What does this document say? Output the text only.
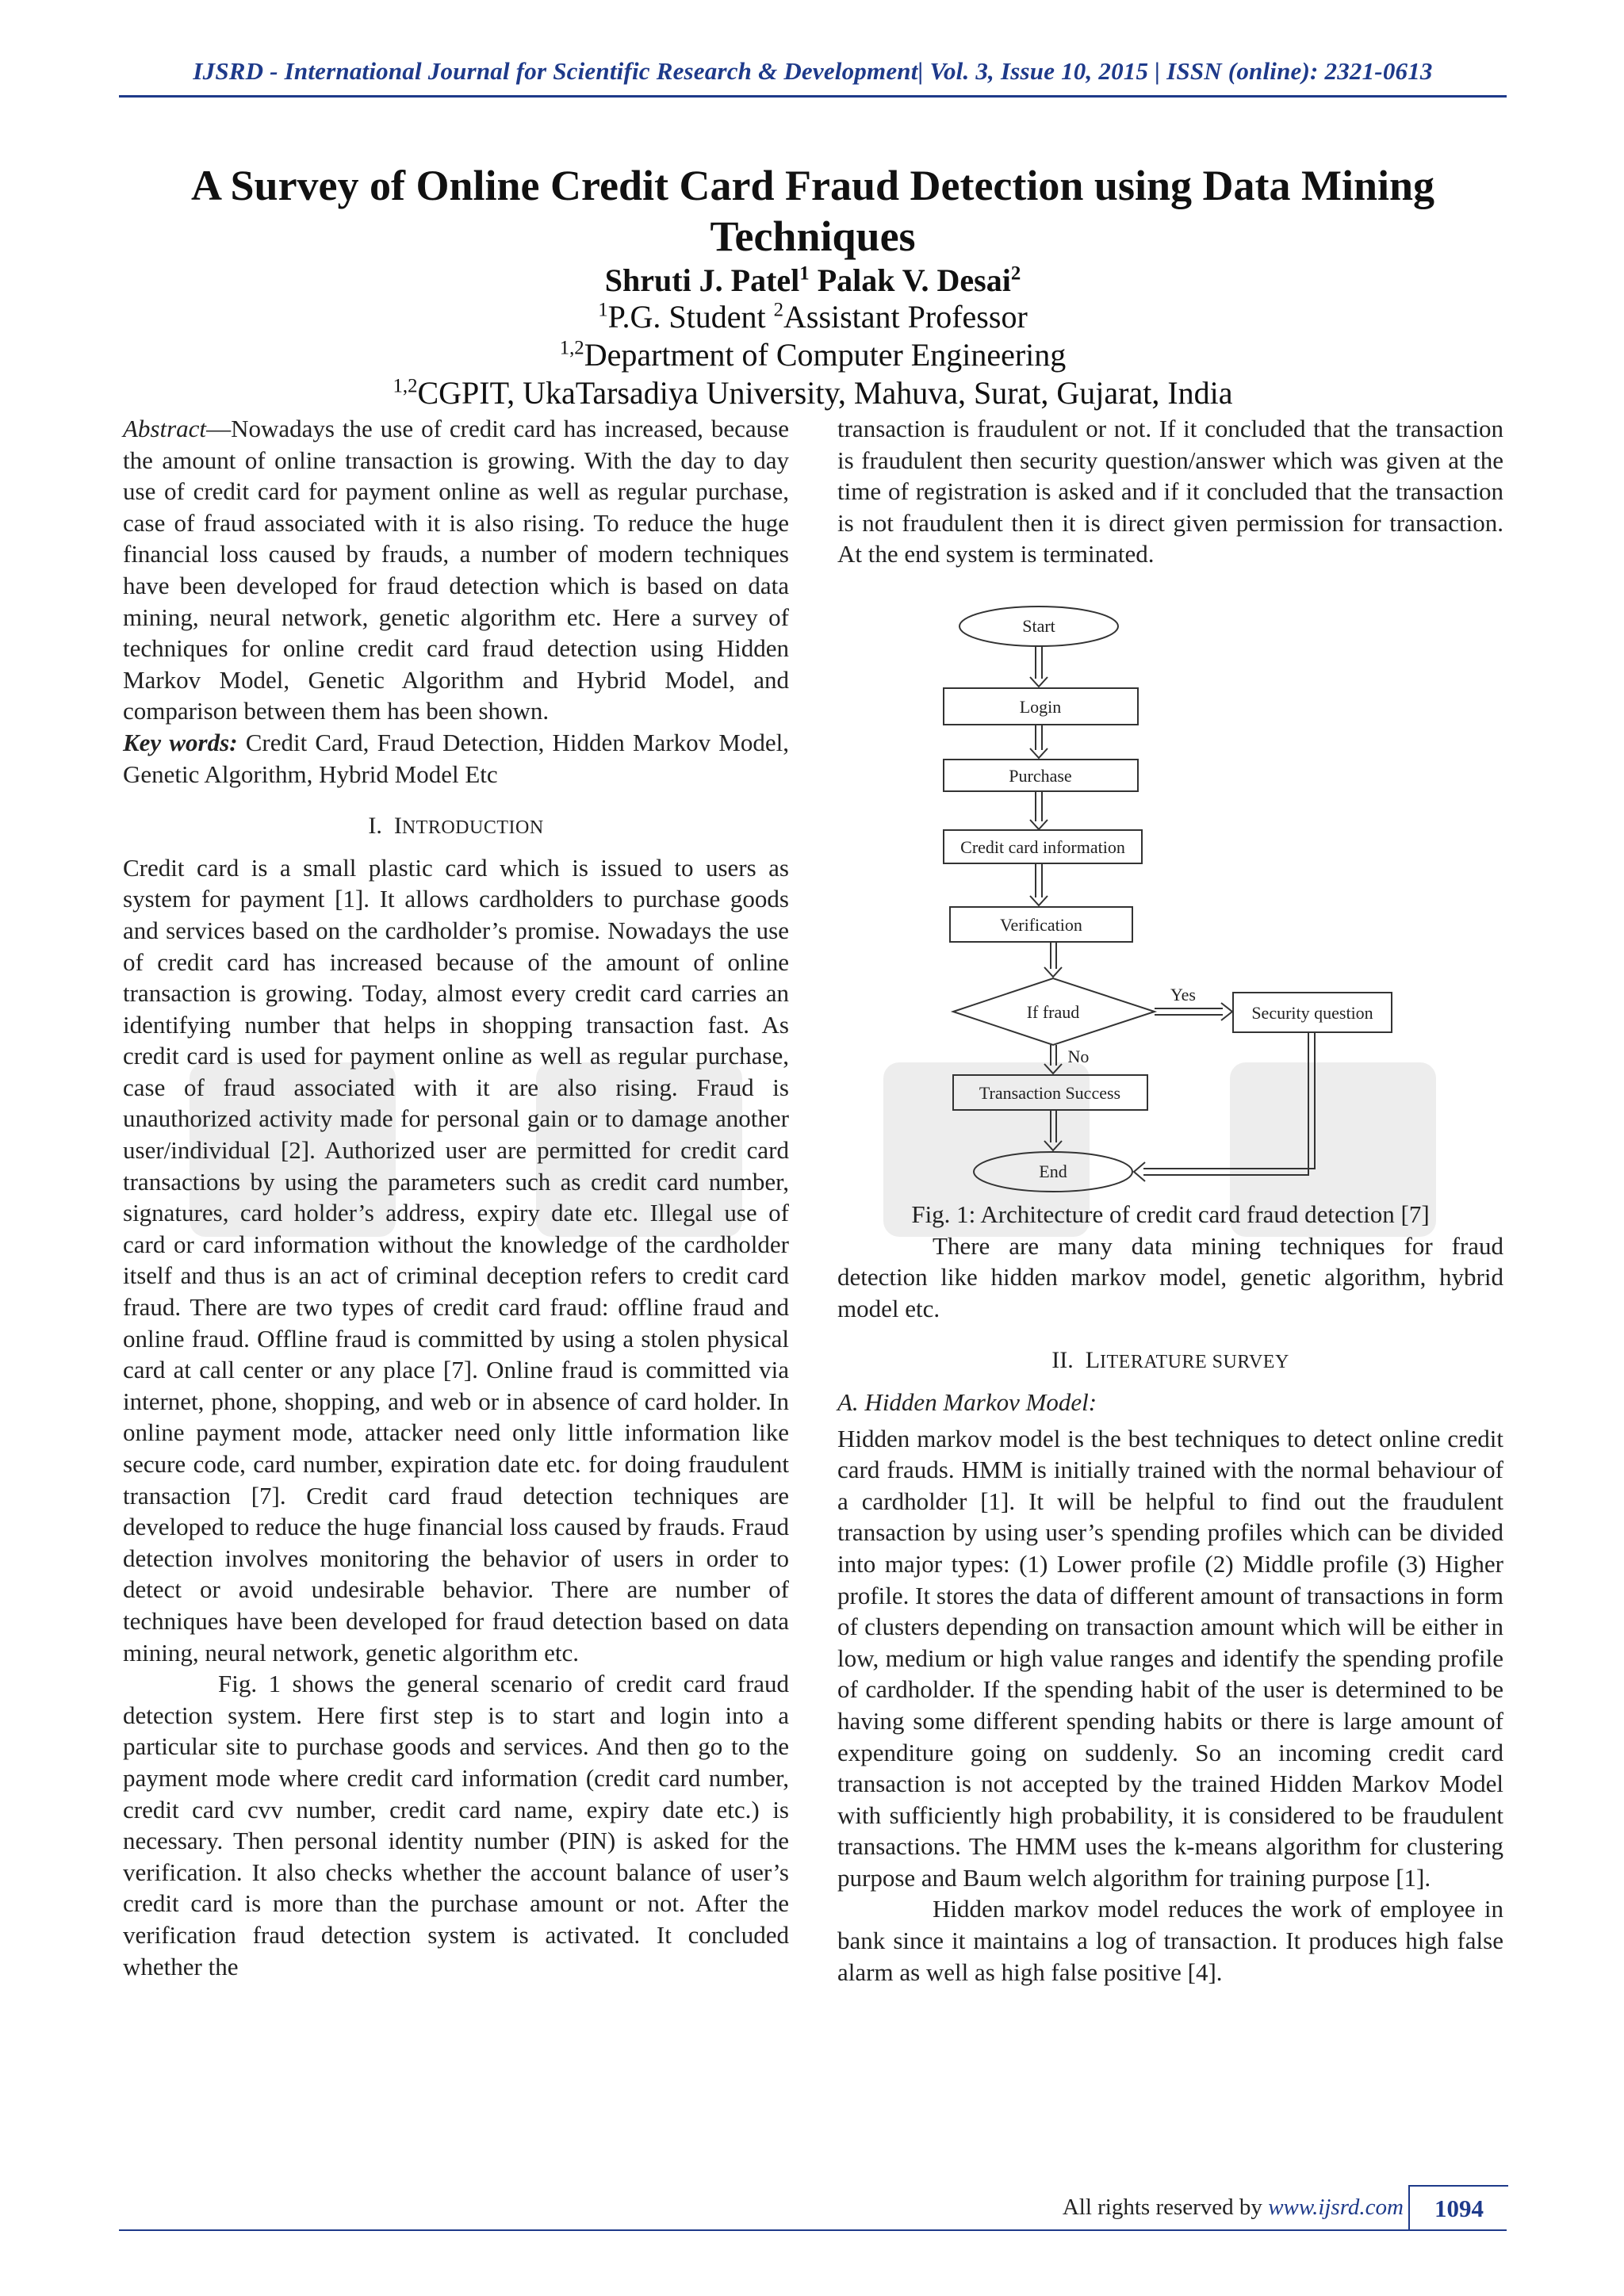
IJSRD - International Journal for Scientific Research & Development| Vol. 3, Issue 10, 2015 | ISSN (online): 2321-0613
A Survey of Online Credit Card Fraud Detection using Data Mining Techniques
Shruti J. Patel$^1$ Palak V. Desai$^2$
$^1$P.G. Student $^2$Assistant Professor
$^{1,2}$Department of Computer Engineering
$^{1,2}$CGPIT, UkaTarsadiya University, Mahuva, Surat, Gujarat, India

Abstract—Nowadays the use of credit card has increased, because the amount of online transaction is growing. With the day to day use of credit card for payment online as well as regular purchase, case of fraud associated with it is also rising. To reduce the huge financial loss caused by frauds, a number of modern techniques have been developed for fraud detection which is based on data mining, neural network, genetic algorithm etc. Here a survey of techniques for online credit card fraud detection using Hidden Markov Model, Genetic Algorithm and Hybrid Model, and comparison between them has been shown.

Key words: Credit Card, Fraud Detection, Hidden Markov Model, Genetic Algorithm, Hybrid Model Etc

I. INTRODUCTION

Credit card is a small plastic card which is issued to users as system for payment [1]. It allows cardholders to purchase goods and services based on the cardholder’s promise. Nowadays the use of credit card has increased because of the amount of online transaction is growing. Today, almost every credit card carries an identifying number that helps in shopping transaction fast. As credit card is used for payment online as well as regular purchase, case of fraud associated with it are also rising. Fraud is unauthorized activity made for personal gain or to damage another user/individual [2]. Authorized user are permitted for credit card transactions by using the parameters such as credit card number, signatures, card holder’s address, expiry date etc. Illegal use of card or card information without the knowledge of the cardholder itself and thus is an act of criminal deception refers to credit card fraud. There are two types of credit card fraud: offline fraud and online fraud. Offline fraud is committed by using a stolen physical card at call center or any place [7]. Online fraud is committed via internet, phone, shopping, and web or in absence of card holder. In online payment mode, attacker need only little information like secure code, card number, expiration date etc. for doing fraudulent transaction [7]. Credit card fraud detection techniques are developed to reduce the huge financial loss caused by frauds. Fraud detection involves monitoring the behavior of users in order to detect or avoid undesirable behavior. There are number of techniques have been developed for fraud detection based on data mining, neural network, genetic algorithm etc.

Fig. 1 shows the general scenario of credit card fraud detection system. Here first step is to start and login into a particular site to purchase goods and services. And then go to the payment mode where credit card information (credit card number, credit card cvv number, credit card name, expiry date etc.) is necessary. Then personal identity number (PIN) is asked for the verification. It also checks whether the account balance of user’s credit card is more than the purchase amount or not. After the verification fraud detection system is activated. It concluded whether the

transaction is fraudulent or not. If it concluded that the transaction is fraudulent then security question/answer which was given at the time of registration is asked and if it concluded that the transaction is not fraudulent then it is direct given permission for transaction. At the end system is terminated.

Start
Login
Purchase
Credit card information
Verification
If fraud
Yes
No
Security question
Transaction Success
End

Fig. 1: Architecture of credit card fraud detection [7]

There are many data mining techniques for fraud detection like hidden markov model, genetic algorithm, hybrid model etc.

II. LITERATURE SURVEY

A. Hidden Markov Model:

Hidden markov model is the best techniques to detect online credit card frauds. HMM is initially trained with the normal behaviour of a cardholder [1]. It will be helpful to find out the fraudulent transaction by using user’s spending profiles which can be divided into major types: (1) Lower profile (2) Middle profile (3) Higher profile. It stores the data of different amount of transactions in form of clusters depending on transaction amount which will be either in low, medium or high value ranges and identify the spending profile of cardholder. If the spending habit of the user is determined to be having some different spending habits or there is large amount of expenditure going on suddenly. So an incoming credit card transaction is not accepted by the trained Hidden Markov Model with sufficiently high probability, it is considered to be fraudulent transactions. The HMM uses the k-means algorithm for clustering purpose and Baum welch algorithm for training purpose [1].

Hidden markov model reduces the work of employee in bank since it maintains a log of transaction. It produces high false alarm as well as high false positive [4].

All rights reserved by www.ijsrd.com	1094
